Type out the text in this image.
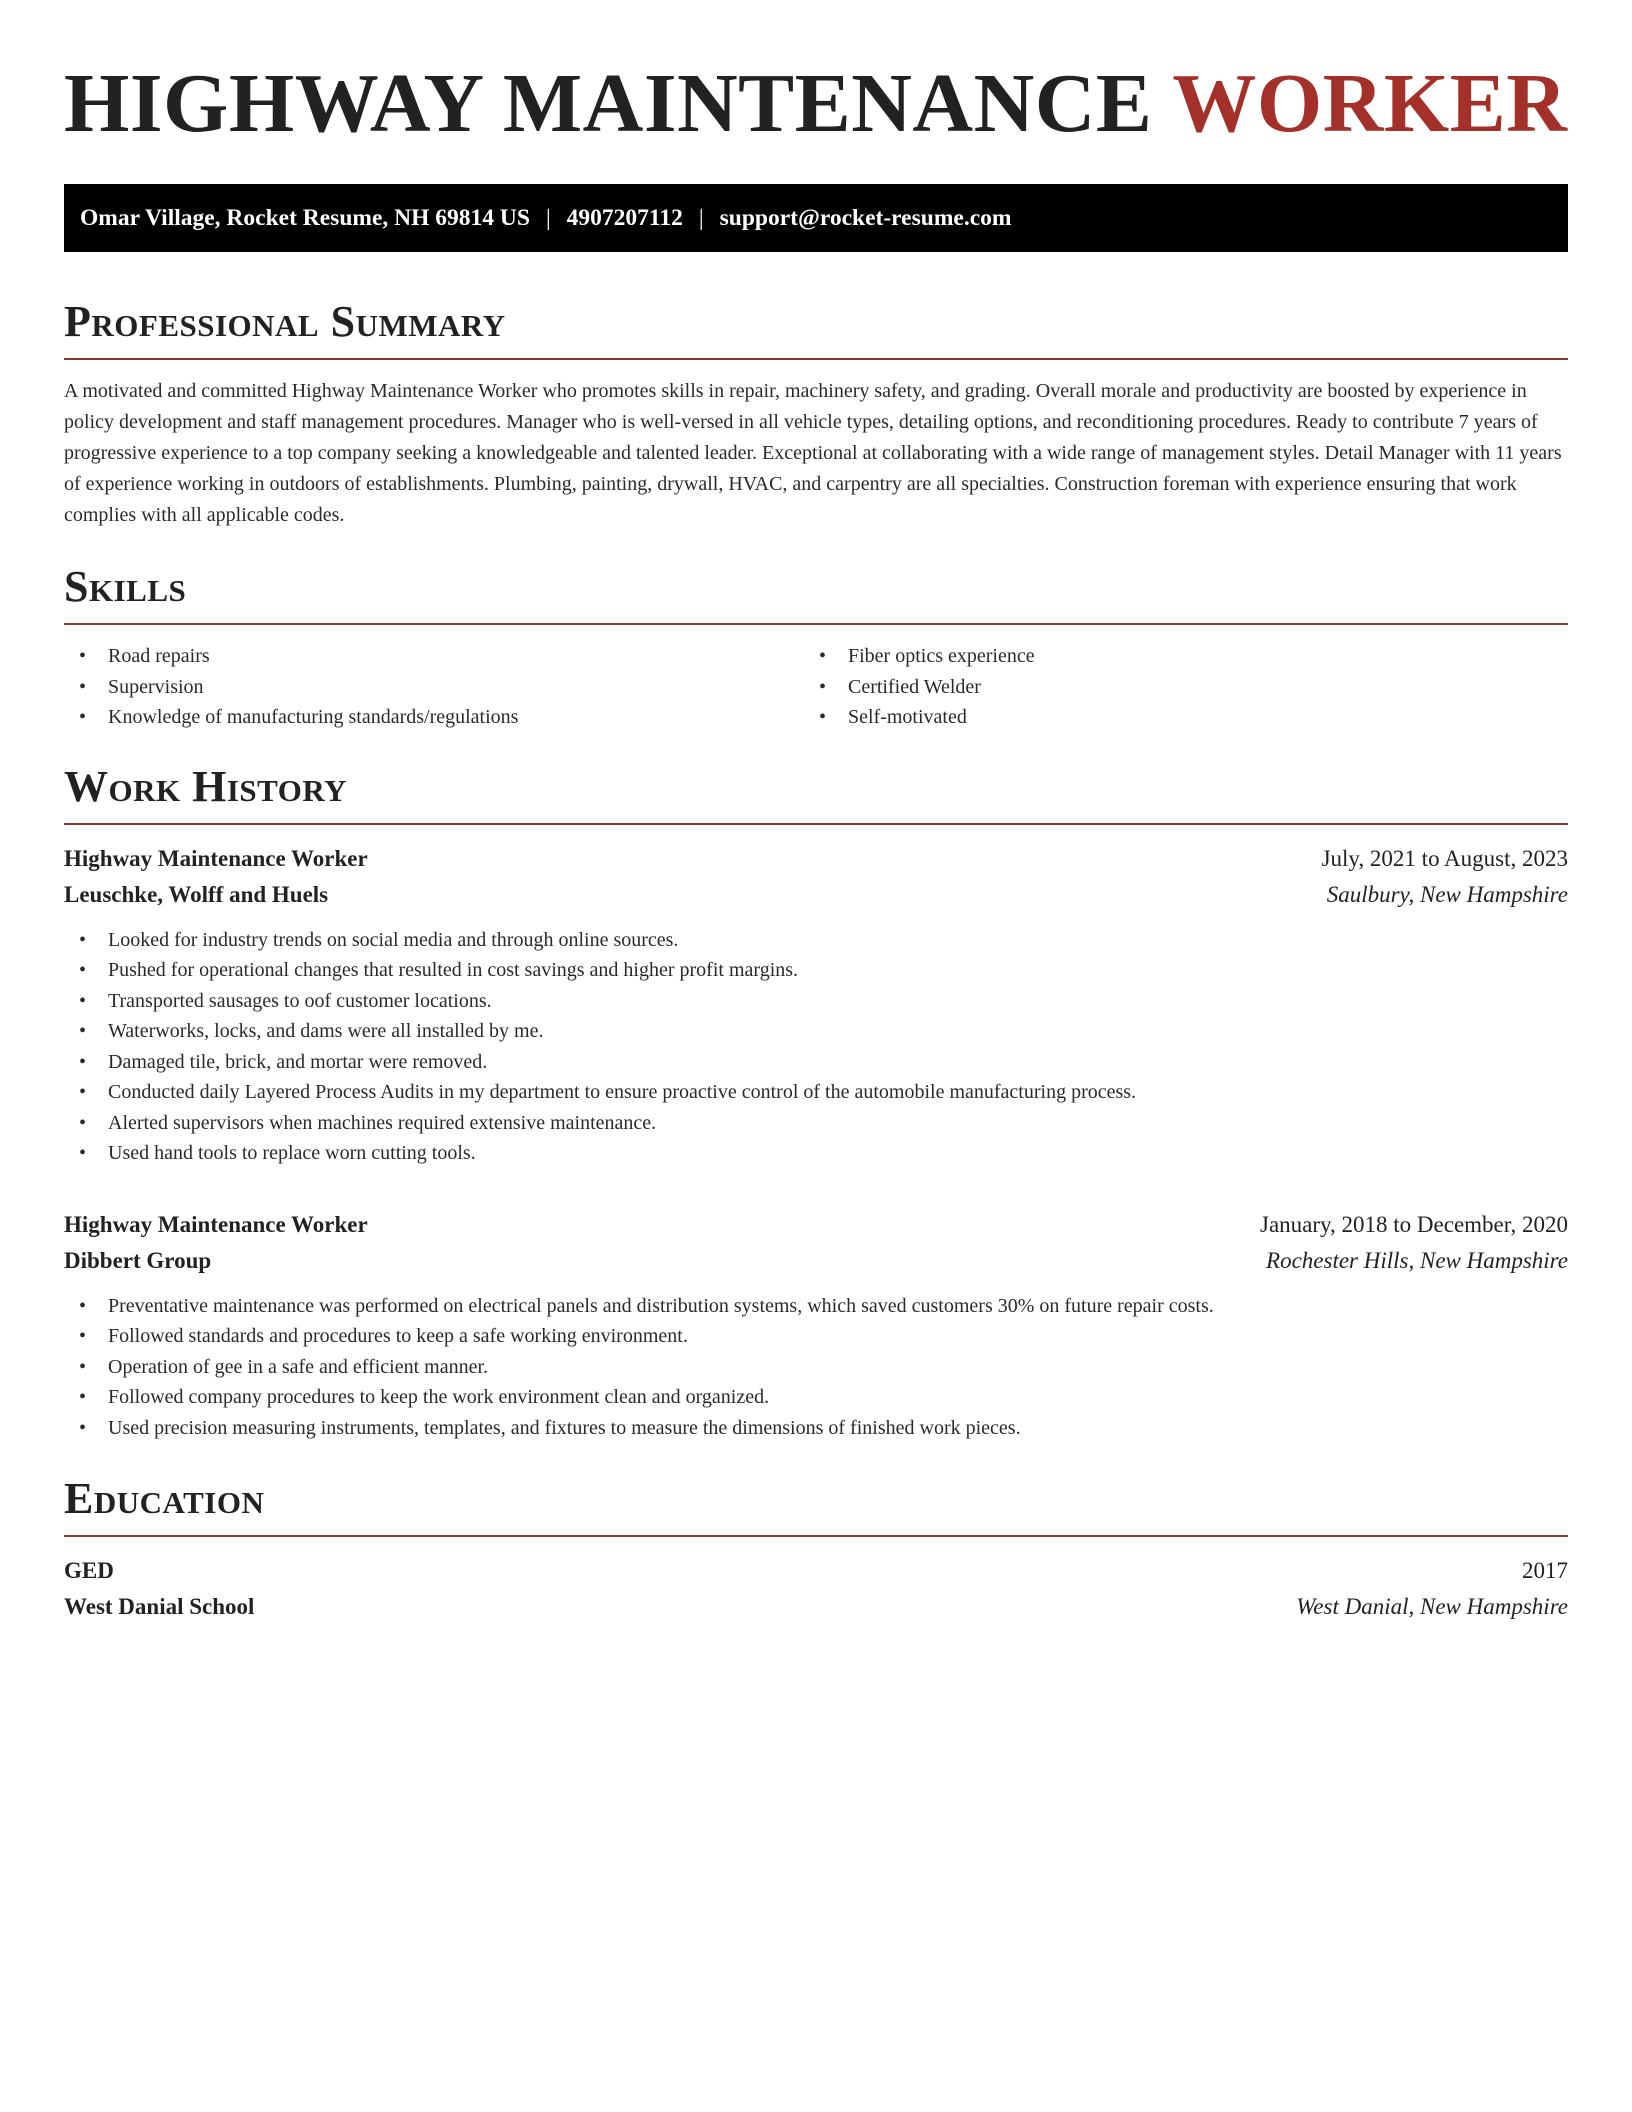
HIGHWAY MAINTENANCE WORKER
Omar Village, Rocket Resume, NH 69814 US | 4907207112 | support@rocket-resume.com
Professional Summary

A motivated and committed Highway Maintenance Worker who promotes skills in repair, machinery safety, and grading. Overall morale and productivity are boosted by experience in policy development and staff management procedures. Manager who is well-versed in all vehicle types, detailing options, and reconditioning procedures. Ready to contribute 7 years of progressive experience to a top company seeking a knowledgeable and talented leader. Exceptional at collaborating with a wide range of management styles. Detail Manager with 11 years of experience working in outdoors of establishments. Plumbing, painting, drywall, HVAC, and carpentry are all specialties. Construction foreman with experience ensuring that work complies with all applicable codes.

Skills
• Road repairs
• Supervision
• Knowledge of manufacturing standards/regulations
• Fiber optics experience
• Certified Welder
• Self-motivated
Work History
Highway Maintenance Worker	July, 2021 to August, 2023
Leuschke, Wolff and Huels	Saulbury, New Hampshire
• Looked for industry trends on social media and through online sources.
• Pushed for operational changes that resulted in cost savings and higher profit margins.
• Transported sausages to oof customer locations.
• Waterworks, locks, and dams were all installed by me.
• Damaged tile, brick, and mortar were removed.
• Conducted daily Layered Process Audits in my department to ensure proactive control of the automobile manufacturing process.
• Alerted supervisors when machines required extensive maintenance.
• Used hand tools to replace worn cutting tools.
Highway Maintenance Worker	January, 2018 to December, 2020
Dibbert Group	Rochester Hills, New Hampshire
• Preventative maintenance was performed on electrical panels and distribution systems, which saved customers 30% on future repair costs.
• Followed standards and procedures to keep a safe working environment.
• Operation of gee in a safe and efficient manner.
• Followed company procedures to keep the work environment clean and organized.
• Used precision measuring instruments, templates, and fixtures to measure the dimensions of finished work pieces.
Education
GED	2017
West Danial School	West Danial, New Hampshire
